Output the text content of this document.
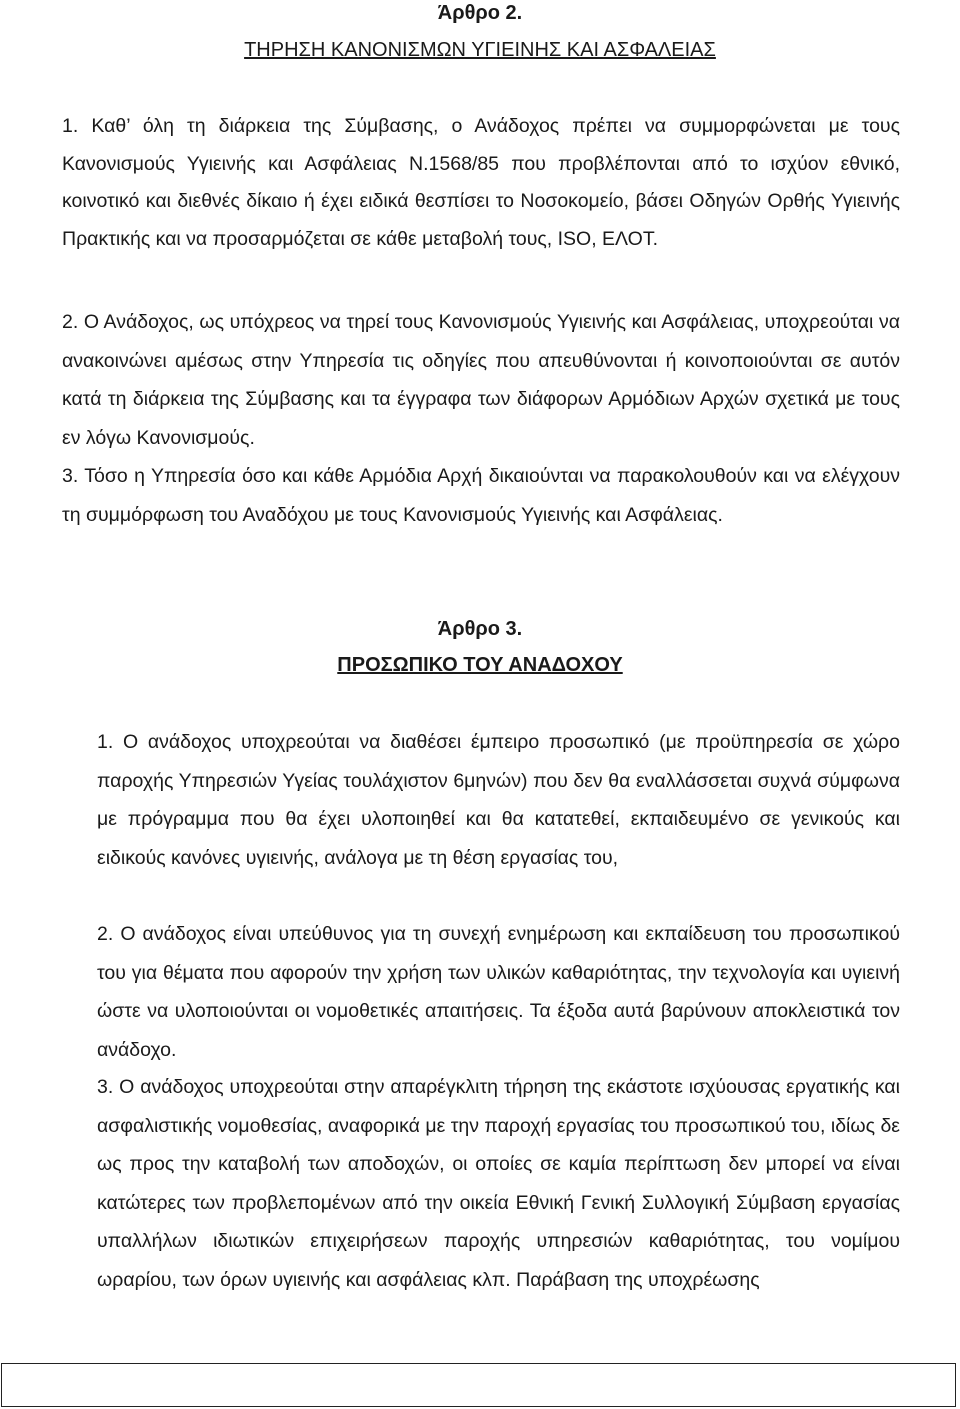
Άρθρο 2.
ΤΗΡΗΣΗ ΚΑΝΟΝΙΣΜΩΝ ΥΓΙΕΙΝΗΣ ΚΑΙ ΑΣΦΑΛΕΙΑΣ

1. Καθ’ όλη τη διάρκεια της Σύμβασης, ο Ανάδοχος πρέπει να συμμορφώνεται με τους Κανονισμούς Υγιεινής και Ασφάλειας Ν.1568/85 που προβλέπονται από το ισχύον εθνικό, κοινοτικό και διεθνές δίκαιο ή έχει ειδικά θεσπίσει το Νοσοκομείο, βάσει Οδηγών Ορθής Υγιεινής Πρακτικής και να προσαρμόζεται σε κάθε μεταβολή τους, ISO, ΕΛΟΤ.

2. Ο Ανάδοχος, ως υπόχρεος να τηρεί τους Κανονισμούς Υγιεινής και Ασφάλειας, υποχρεούται να ανακοινώνει αμέσως στην Υπηρεσία τις οδηγίες που απευθύνονται ή κοινοποιούνται σε αυτόν κατά τη διάρκεια της Σύμβασης και τα έγγραφα των διάφορων Αρμόδιων Αρχών σχετικά με τους εν λόγω Κανονισμούς.

3. Τόσο η Υπηρεσία όσο και κάθε Αρμόδια Αρχή δικαιούνται να παρακολουθούν και να ελέγχουν τη συμμόρφωση του Αναδόχου με τους Κανονισμούς Υγιεινής και Ασφάλειας.

Άρθρο 3.
ΠΡΟΣΩΠΙΚΟ ΤΟΥ ΑΝΑΔΟΧΟΥ

1. Ο ανάδοχος υποχρεούται να διαθέσει έμπειρο προσωπικό (με προϋπηρεσία σε χώρο παροχής Υπηρεσιών Υγείας τουλάχιστον 6μηνών) που δεν θα εναλλάσσεται συχνά σύμφωνα με πρόγραμμα που θα έχει υλοποιηθεί και θα κατατεθεί, εκπαιδευμένο σε γενικούς και ειδικούς κανόνες υγιεινής, ανάλογα με τη θέση εργασίας του,

2. Ο ανάδοχος είναι υπεύθυνος για τη συνεχή ενημέρωση και εκπαίδευση του προσωπικού του για θέματα που αφορούν την χρήση των υλικών καθαριότητας, την τεχνολογία και υγιεινή ώστε να υλοποιούνται οι νομοθετικές απαιτήσεις. Τα έξοδα αυτά βαρύνουν αποκλειστικά τον ανάδοχο.

3. Ο ανάδοχος υποχρεούται στην απαρέγκλιτη τήρηση της εκάστοτε ισχύουσας εργατικής και ασφαλιστικής νομοθεσίας, αναφορικά με την παροχή εργασίας του προσωπικού του, ιδίως δε ως προς την καταβολή των αποδοχών, οι οποίες σε καμία περίπτωση δεν μπορεί να είναι κατώτερες των προβλεπομένων από την οικεία Εθνική Γενική Συλλογική Σύμβαση εργασίας υπαλλήλων ιδιωτικών επιχειρήσεων παροχής υπηρεσιών καθαριότητας, του νομίμου ωραρίου, των όρων υγιεινής και ασφάλειας κλπ. Παράβαση της υποχρέωσης
